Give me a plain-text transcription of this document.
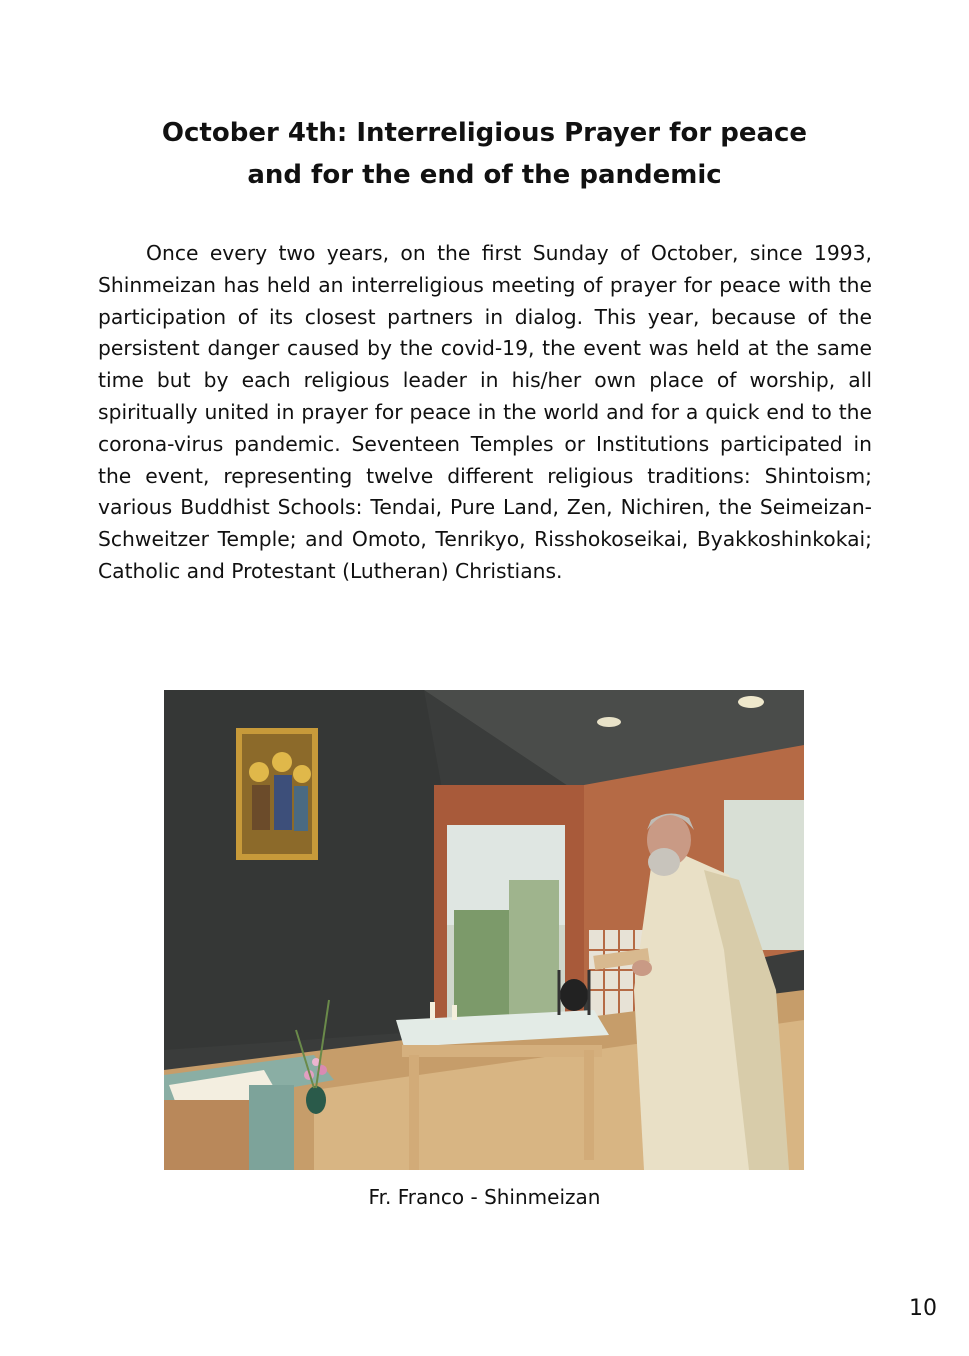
October 4th: Interreligious Prayer for peace
and for the end of the pandemic

Once every two years, on the first Sunday of October, since 1993, Shinmeizan has held an interreligious meeting of prayer for peace with the participation of its closest partners in dialog. This year, because of the persistent danger caused by the covid-19, the event was held at the same time but by each religious leader in his/her own place of worship, all spiritually united in prayer for peace in the world and for a quick end to the corona-virus pandemic. Seventeen Temples or Institutions participated in the event, representing twelve different religious traditions: Shintoism; various Buddhist Schools: Tendai, Pure Land, Zen, Nichiren, the Seimeizan-Schweitzer Temple; and Omoto, Tenrikyo, Risshokoseikai, Byakkoshinkokai; Catholic and Protestant (Lutheran) Christians.

Fr. Franco - Shinmeizan
10
